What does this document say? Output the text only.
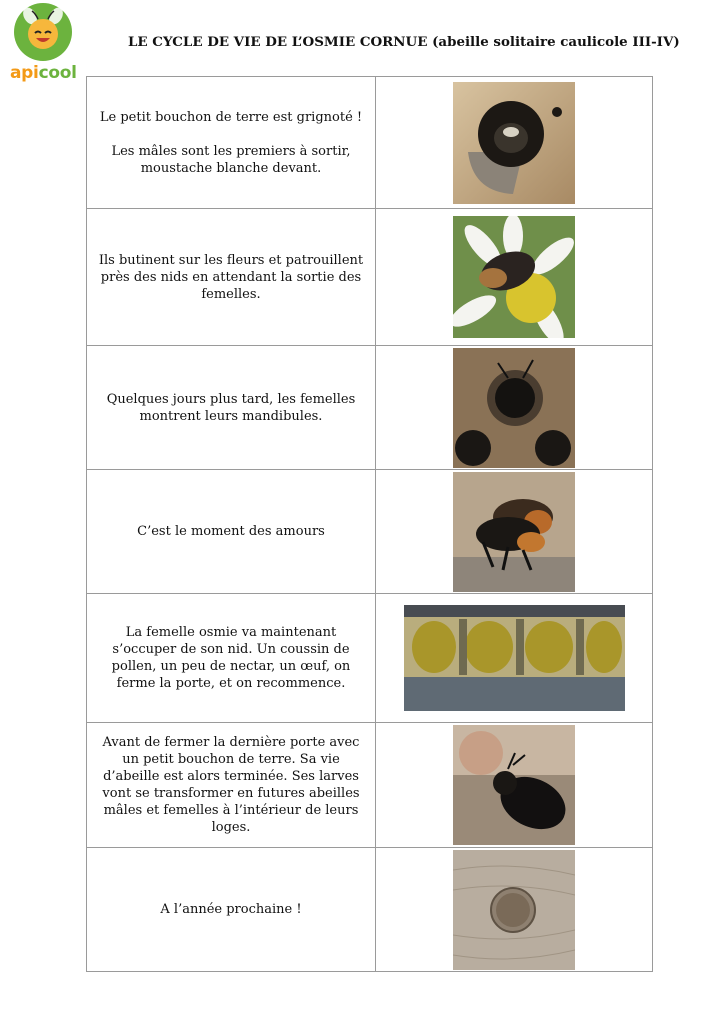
apicool
LE CYCLE DE VIE DE L’OSMIE CORNUE (abeille solitaire caulicole III-IV)

Le petit bouchon de terre est grignoté !

Les mâles sont les premiers à sortir, moustache blanche devant.

Ils butinent sur les fleurs et patrouillent près des nids en attendant la sortie des femelles.

Quelques jours plus tard, les femelles montrent leurs mandibules.

C’est le moment des amours

La femelle osmie va maintenant s’occuper de son nid. Un coussin de pollen, un peu de nectar, un œuf, on ferme la porte, et on recommence.

Avant de fermer la dernière porte avec un petit bouchon de terre. Sa vie d’abeille est alors terminée. Ses larves vont se transformer en futures abeilles mâles et femelles à l’intérieur de leurs loges.

A l’année prochaine !
